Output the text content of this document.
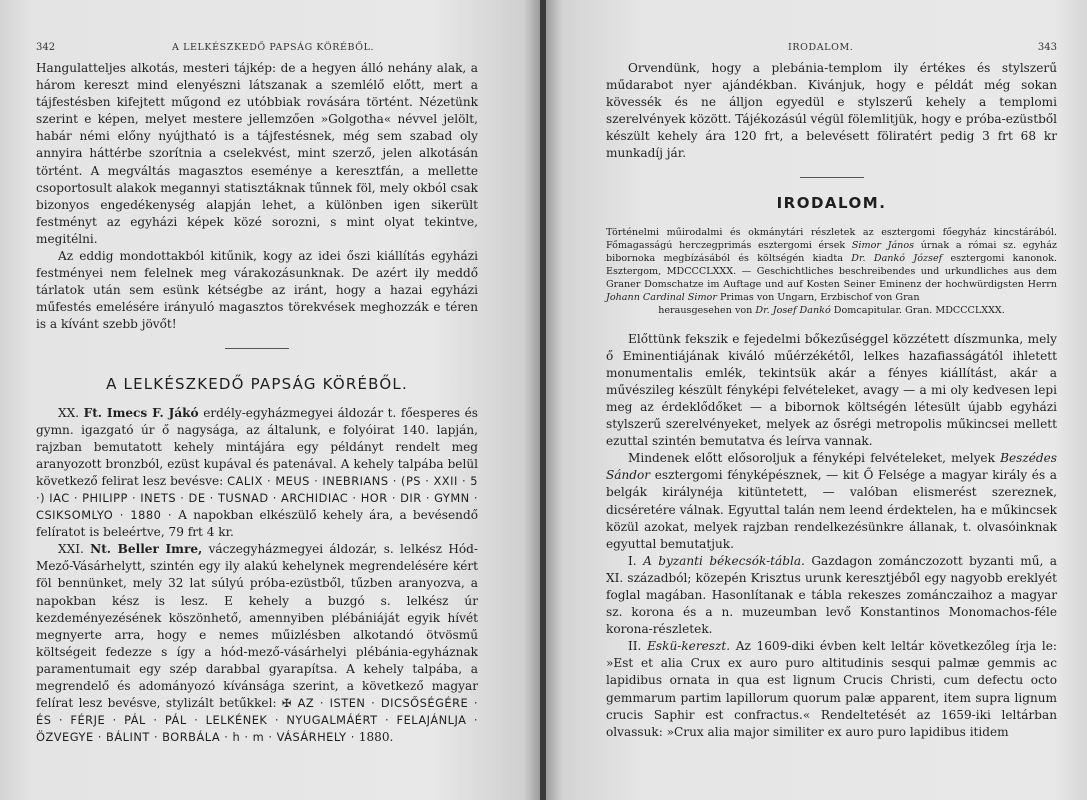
342	A LELKÉSZKEDŐ PAPSÁG KÖRÉBŐL.

Hangulatteljes alkotás, mesteri tájkép: de a hegyen álló nehány alak, a három kereszt mind elenyészni látszanak a szemlélő előtt, mert a tájfestésben kifejtett műgond ez utóbbiak rovására történt. Nézetünk szerint e képen, melyet mestere jellemzően »Golgotha« névvel jelölt, habár némi előny nyújtható is a tájfestésnek, még sem szabad oly annyira háttérbe szorítnia a cselekvést, mint szerző, jelen alkotásán történt. A megváltás magasztos eseménye a keresztfán, a mellette csoportosult alakok megannyi statisztáknak tűnnek föl, mely okból csak bizonyos engedékenység alapján lehet, a különben igen sikerült festményt az egyházi képek közé sorozni, s mint olyat tekintve, megitélni.

Az eddig mondottakból kitűnik, kogy az idei őszi kiállítás egyházi festményei nem felelnek meg várakozásunknak. De azért ily meddő tárlatok után sem esünk kétségbe az iránt, hogy a hazai egyházi műfestés emelésére irányuló magasztos törekvések meghozzák e téren is a kívánt szebb jövőt!

A LELKÉSZKEDŐ PAPSÁG KÖRÉBŐL.

XX. Ft. Imecs F. Jákó erdély-egyházmegyei áldozár t. főesperes és gymn. igazgató úr ő nagysága, az általunk, e folyóirat 140. lapján, rajzban bemutatott kehely mintájára egy példányt rendelt meg aranyozott bronzból, ezüst kupával és patenával. A kehely talpába belül következő felirat lesz bevésve: CALIX · MEUS · INEBRIANS · (PS · XXII · 5 ·) IAC · PHILIPP · INETS · DE · TUSNAD · ARCHIDIAC · HOR · DIR · GYMN · CSIKSOMLYO · 1880 · A napokban elkészülő kehely ára, a bevésendő felíratot is beleértve, 79 frt 4 kr.

XXI. Nt. Beller Imre, váczegyházmegyei áldozár, s. lelkész Hód-Mező-Vásárhelytt, szintén egy ily alakú kehelynek megrendelésére kért föl bennünket, mely 32 lat súlyú próba-ezüstből, tűzben aranyozva, a napokban kész is lesz. E kehely a buzgó s. lelkész úr kezdeményezésének köszönhető, amennyiben plébániáját egyik hívét megnyerte arra, hogy e nemes műizlésben alkotandó ötvösmű költségeit fedezze s így a hód-mező-vásárhelyi plébánia-egyháznak paramentumait egy szép darabbal gyarapítsa. A kehely talpába, a megrendelő és adományozó kívánsága szerint, a következő magyar felírat lesz bevésve, stylizált betűkkel: ✠ AZ · ISTEN · DICSŐSÉGÉRE · ÉS · FÉRJE · PÁL · PÁL · LELKÉNEK · NYUGALMÁÉRT · FELAJÁNLJA · ÖZVEGYE · BÁLINT · BORBÁLA · h · m · VÁSÁRHELY · 1880.

IRODALOM.	343

Orvendünk, hogy a plebánia-templom ily értékes és stylszerű műdarabot nyer ajándékban. Kivánjuk, hogy e példát még sokan kövessék és ne álljon egyedül e stylszerű kehely a templomi szerelvények között. Tájékozásúl végül fölemlitjük, hogy e próba-ezüstből készült kehely ára 120 frt, a belevésett föliratért pedig 3 frt 68 kr munkadíj jár.

IRODALOM.
Történelmi műirodalmi és okmánytári részletek az esztergomi főegyház kincstárából. Főmagasságú herczegprimás esztergomi érsek Simor János úrnak a római sz. egyház bibornoka megbízásából és költségén kiadta Dr. Dankó József esztergomi kanonok. Esztergom, MDCCCLXXX. — Geschichtliches beschreibendes und urkundliches aus dem Graner Domschatze im Auftage und auf Kosten Seiner Eminenz der hochwürdigsten Herrn Johann Cardinal Simor Primas von Ungarn, Erzbischof von Gran
herausgesehen von Dr. Josef Dankó Domcapitular. Gran. MDCCCLXXX.

Előttünk fekszik e fejedelmi bőkezűséggel közzétett díszmunka, mely ő Eminentiájának kiváló műérzékétől, lelkes hazafiasságától ihletett monumentalis emlék, tekintsük akár a fényes kiállítást, akár a művészileg készült fényképi felvételeket, avagy — a mi oly kedvesen lepi meg az érdeklődőket — a bibornok költségén létesült újabb egyházi stylszerű szerelvényeket, melyek az ősrégi metropolis műkincsei mellett ezuttal szintén bemutatva és leírva vannak.

Mindenek előtt elősoroljuk a fényképi felvételeket, melyek Beszédes Sándor esztergomi fényképésznek, — kit Ő Felsége a magyar király és a belgák királynéja kitüntetett, — valóban elismerést szereznek, dicséretére válnak. Egyuttal talán nem leend érdektelen, ha e műkincsek közül azokat, melyek rajzban rendelkezésünkre állanak, t. olvasóinknak egyuttal bemutatjuk.

I. A byzanti békecsók-tábla. Gazdagon zománczozott byzanti mű, a XI. századból; közepén Krisztus urunk keresztjéből egy nagyobb ereklyét foglal magában. Hasonlítanak e tábla rekeszes zománczaihoz a magyar sz. korona és a n. muzeumban levő Konstantinos Monomachos-féle korona-részletek.

II. Eskü-kereszt. Az 1609-diki évben kelt leltár következőleg írja le: »Est et alia Crux ex auro puro altitudinis sesqui palmæ gemmis ac lapidibus ornata in qua est lignum Crucis Christi, cum defectu octo gemmarum partim lapillorum quorum palæ apparent, item supra lignum crucis Saphir est confractus.« Rendeltetését az 1659-iki leltárban olvassuk: »Crux alia major similiter ex auro puro lapidibus itidem
